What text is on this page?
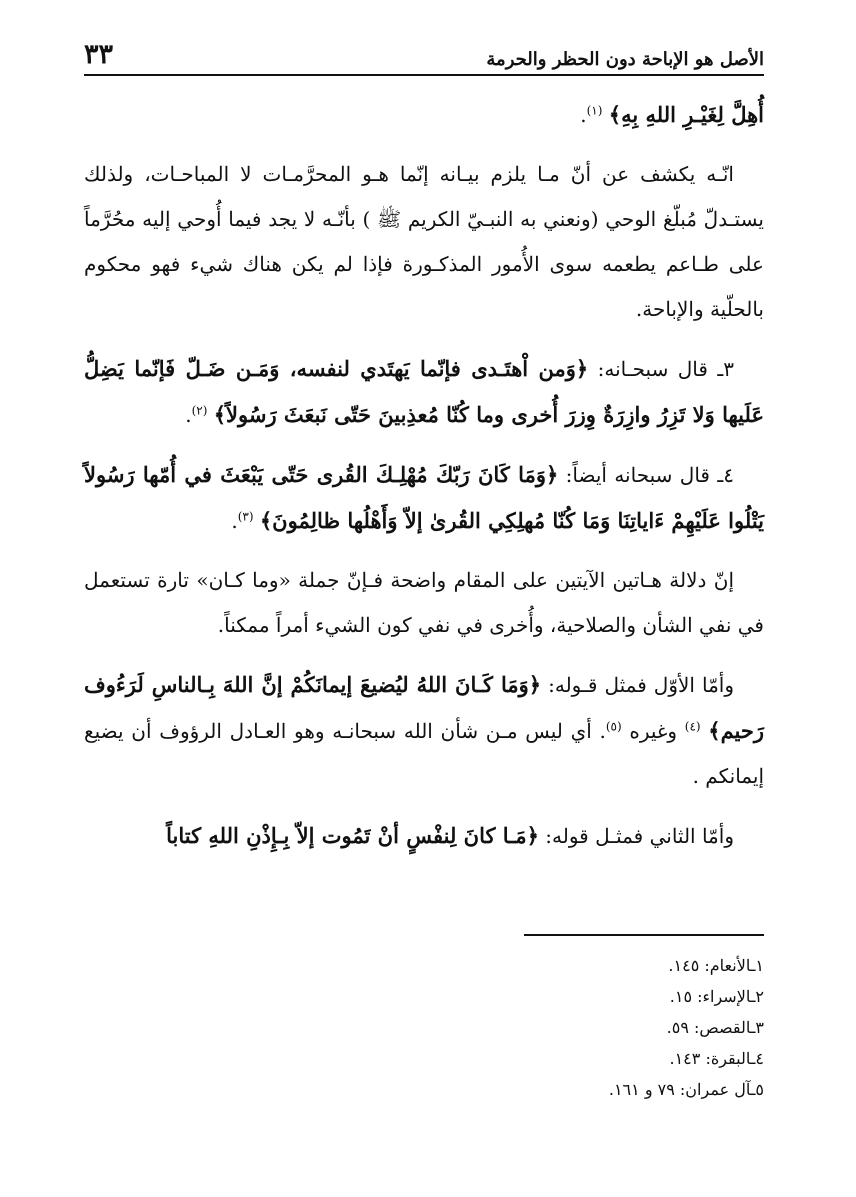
الأصل هو الإباحة دون الحظر والحرمة
٣٣

أُهِلَّ لِغَيْـرِ اللهِ بِهِ﴾ $^{(١)}$.

انّـه يكشف عن أنّ مـا يلزم بيـانه إنّما هـو المحرَّمـات لا المباحـات، ولذلك يستـدلّ مُبلّغ الوحي (ونعني به النبـيّ الكريم ﷺ ) بأنّـه لا يجد فيما أُوحي إليه محُرَّماً على طـاعم يطعمه سوى الأُمور المذكـورة فإذا لم يكن هناك شيء فهو محكوم بالحلّية والإباحة.

٣ـ قال سبحـانه: ﴿وَمن اْهتَـدى فإنّما يَهتَدي لنفسه، وَمَـن ضَـلّ فَإنّما يَضِلُّ عَلَيها وَلا تَزِرُ وازِرَةٌ وِزرَ أُخرى وما كُنّا مُعذِبينَ حَتّى نَبعَثَ رَسُولاً﴾ $^{(٢)}$.

٤ـ قال سبحانه أيضاً: ﴿وَمَا كَانَ رَبّكَ مُهْلِـكَ القُرى حَتّى يَبْعَثَ في أُمّها رَسُولاً يَتْلُوا عَلَيْهِمْ ءَاياتِنَا وَمَا كُنّا مُهلِكِي القُرىٰ إلاّ وَأَهْلُها ظالِمُونَ﴾ $^{(٣)}$.

إنّ دلالة هـاتين الآيتين على المقام واضحة فـإنّ جملة «وما كـان» تارة تستعمل في نفي الشأن والصلاحية، وأُخرى في نفي كون الشيء أمراً ممكناً.

وأمّا الأوّل فمثل قـوله: ﴿وَمَا كَـانَ اللهُ ليُضيعَ إيمانَكُمْ إنَّ اللهَ بِـالناسِ لَرَءُوف رَحيم﴾ $^{(٤)}$ وغيره $^{(٥)}$. أي ليس مـن شأن الله سبحانـه وهو العـادل الرؤوف أن يضيع إيمانكم .

وأمّا الثاني فمثـل قوله: ﴿مَـا كانَ لِنفْسٍ أنْ تَمُوت إلاّ بِـإِذْنِ اللهِ كتاباً

١ـالأنعام: ١٤٥.
٢ـالإسراء: ١٥.
٣ـالقصص: ٥٩.
٤ـالبقرة: ١٤٣.
٥ـآل عمران: ٧٩ و ١٦١.
